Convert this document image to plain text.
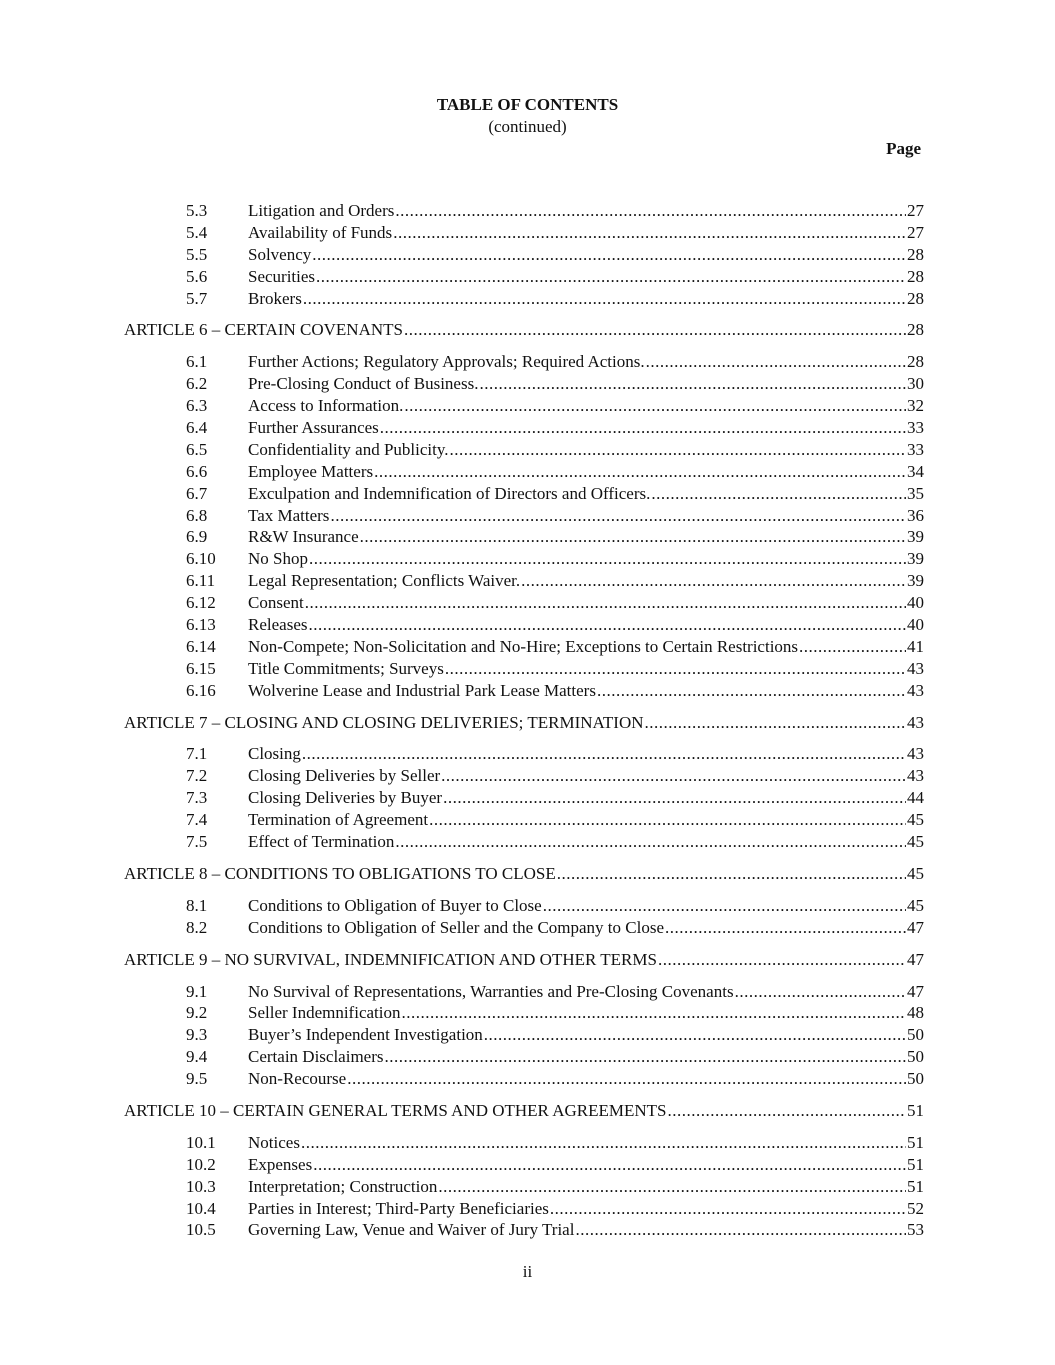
TABLE OF CONTENTS
(continued)
Page
5.3 Litigation and Orders .....	27
5.4 Availability of Funds .....	27
5.5 Solvency .....	28
5.6 Securities .....	28
5.7 Brokers .....	28
ARTICLE 6 – CERTAIN COVENANTS .....	28
6.1 Further Actions; Regulatory Approvals; Required Actions. .....	28
6.2 Pre-Closing Conduct of Business. .....	30
6.3 Access to Information. .....	32
6.4 Further Assurances .....	33
6.5 Confidentiality and Publicity. .....	33
6.6 Employee Matters .....	34
6.7 Exculpation and Indemnification of Directors and Officers. .....	35
6.8 Tax Matters .....	36
6.9 R&W Insurance .....	39
6.10 No Shop .....	39
6.11 Legal Representation; Conflicts Waiver. .....	39
6.12 Consent .....	40
6.13 Releases .....	40
6.14 Non-Compete; Non-Solicitation and No-Hire; Exceptions to Certain Restrictions .....	41
6.15 Title Commitments; Surveys .....	43
6.16 Wolverine Lease and Industrial Park Lease Matters .....	43
ARTICLE 7 – CLOSING AND CLOSING DELIVERIES; TERMINATION .....	43
7.1 Closing .....	43
7.2 Closing Deliveries by Seller .....	43
7.3 Closing Deliveries by Buyer .....	44
7.4 Termination of Agreement .....	45
7.5 Effect of Termination .....	45
ARTICLE 8 – CONDITIONS TO OBLIGATIONS TO CLOSE .....	45
8.1 Conditions to Obligation of Buyer to Close .....	45
8.2 Conditions to Obligation of Seller and the Company to Close .....	47
ARTICLE 9 – NO SURVIVAL, INDEMNIFICATION AND OTHER TERMS .....	47
9.1 No Survival of Representations, Warranties and Pre-Closing Covenants .....	47
9.2 Seller Indemnification .....	48
9.3 Buyer’s Independent Investigation .....	50
9.4 Certain Disclaimers .....	50
9.5 Non-Recourse .....	50
ARTICLE 10 – CERTAIN GENERAL TERMS AND OTHER AGREEMENTS .....	51
10.1 Notices .....	51
10.2 Expenses .....	51
10.3 Interpretation; Construction .....	51
10.4 Parties in Interest; Third-Party Beneficiaries .....	52
10.5 Governing Law, Venue and Waiver of Jury Trial .....	53
ii
